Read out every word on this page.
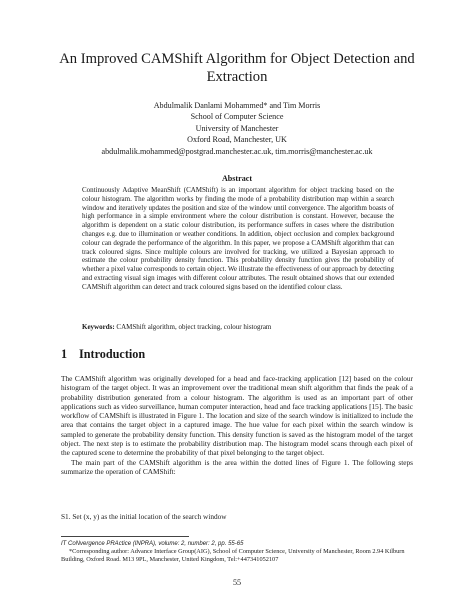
An Improved CAMShift Algorithm for Object Detection and
Extraction
Abdulmalik Danlami Mohammed* and Tim Morris
School of Computer Science
University of Manchester
Oxford Road, Manchester, UK
abdulmalik.mohammed@postgrad.manchester.ac.uk, tim.morris@manchester.ac.uk
Abstract
Continuously Adaptive MeanShift (CAMShift) is an important algorithm for object tracking based on the colour histogram. The algorithm works by finding the mode of a probability distribution map within a search window and iteratively updates the position and size of the window until convergence. The algorithm boasts of high performance in a simple environment where the colour distribution is constant. However, because the algorithm is dependent on a static colour distribution, its performance suffers in cases where the distribution changes e.g. due to illumination or weather conditions. In addition, object occlusion and complex background colour can degrade the performance of the algorithm. In this paper, we propose a CAMShift algorithm that can track coloured signs. Since multiple colours are involved for tracking, we utilized a Bayesian approach to estimate the colour probability density function. This probability density function gives the probability of whether a pixel value corresponds to certain object. We illustrate the effectiveness of our approach by detecting and extracting visual sign images with different colour attributes. The result obtained shows that our extended CAMShift algorithm can detect and track coloured signs based on the identified colour class.
Keywords: CAMShift algorithm, object tracking, colour histogram
1 Introduction

The CAMShift algorithm was originally developed for a head and face-tracking application [12] based on the colour histogram of the target object. It was an improvement over the traditional mean shift algorithm that finds the peak of a probability distribution generated from a colour histogram. The algorithm is used as an important part of other applications such as video surveillance, human computer interaction, head and face tracking applications [15]. The basic workflow of CAMShift is illustrated in Figure 1. The location and size of the search window is initialized to include the area that contains the target object in a captured image. The hue value for each pixel within the search window is sampled to generate the probability density function. This density function is saved as the histogram model of the target object. The next step is to estimate the probability distribution map. The histogram model scans through each pixel of the captured scene to determine the probability of that pixel belonging to the target object.

The main part of the CAMShift algorithm is the area within the dotted lines of Figure 1. The following steps summarize the operation of CAMShift:

S1. Set (x, y) as the initial location of the search window
IT CoNvergence PRActice (INPRA), volume: 2, number: 2, pp. 55-65
*Corresponding author: Advance Interface Group(AIG), School of Computer Science, University of Manchester, Room 2.94 Kilburn Building, Oxford Road. M13 9PL, Manchester, United Kingdom, Tel:+447341052107
55
